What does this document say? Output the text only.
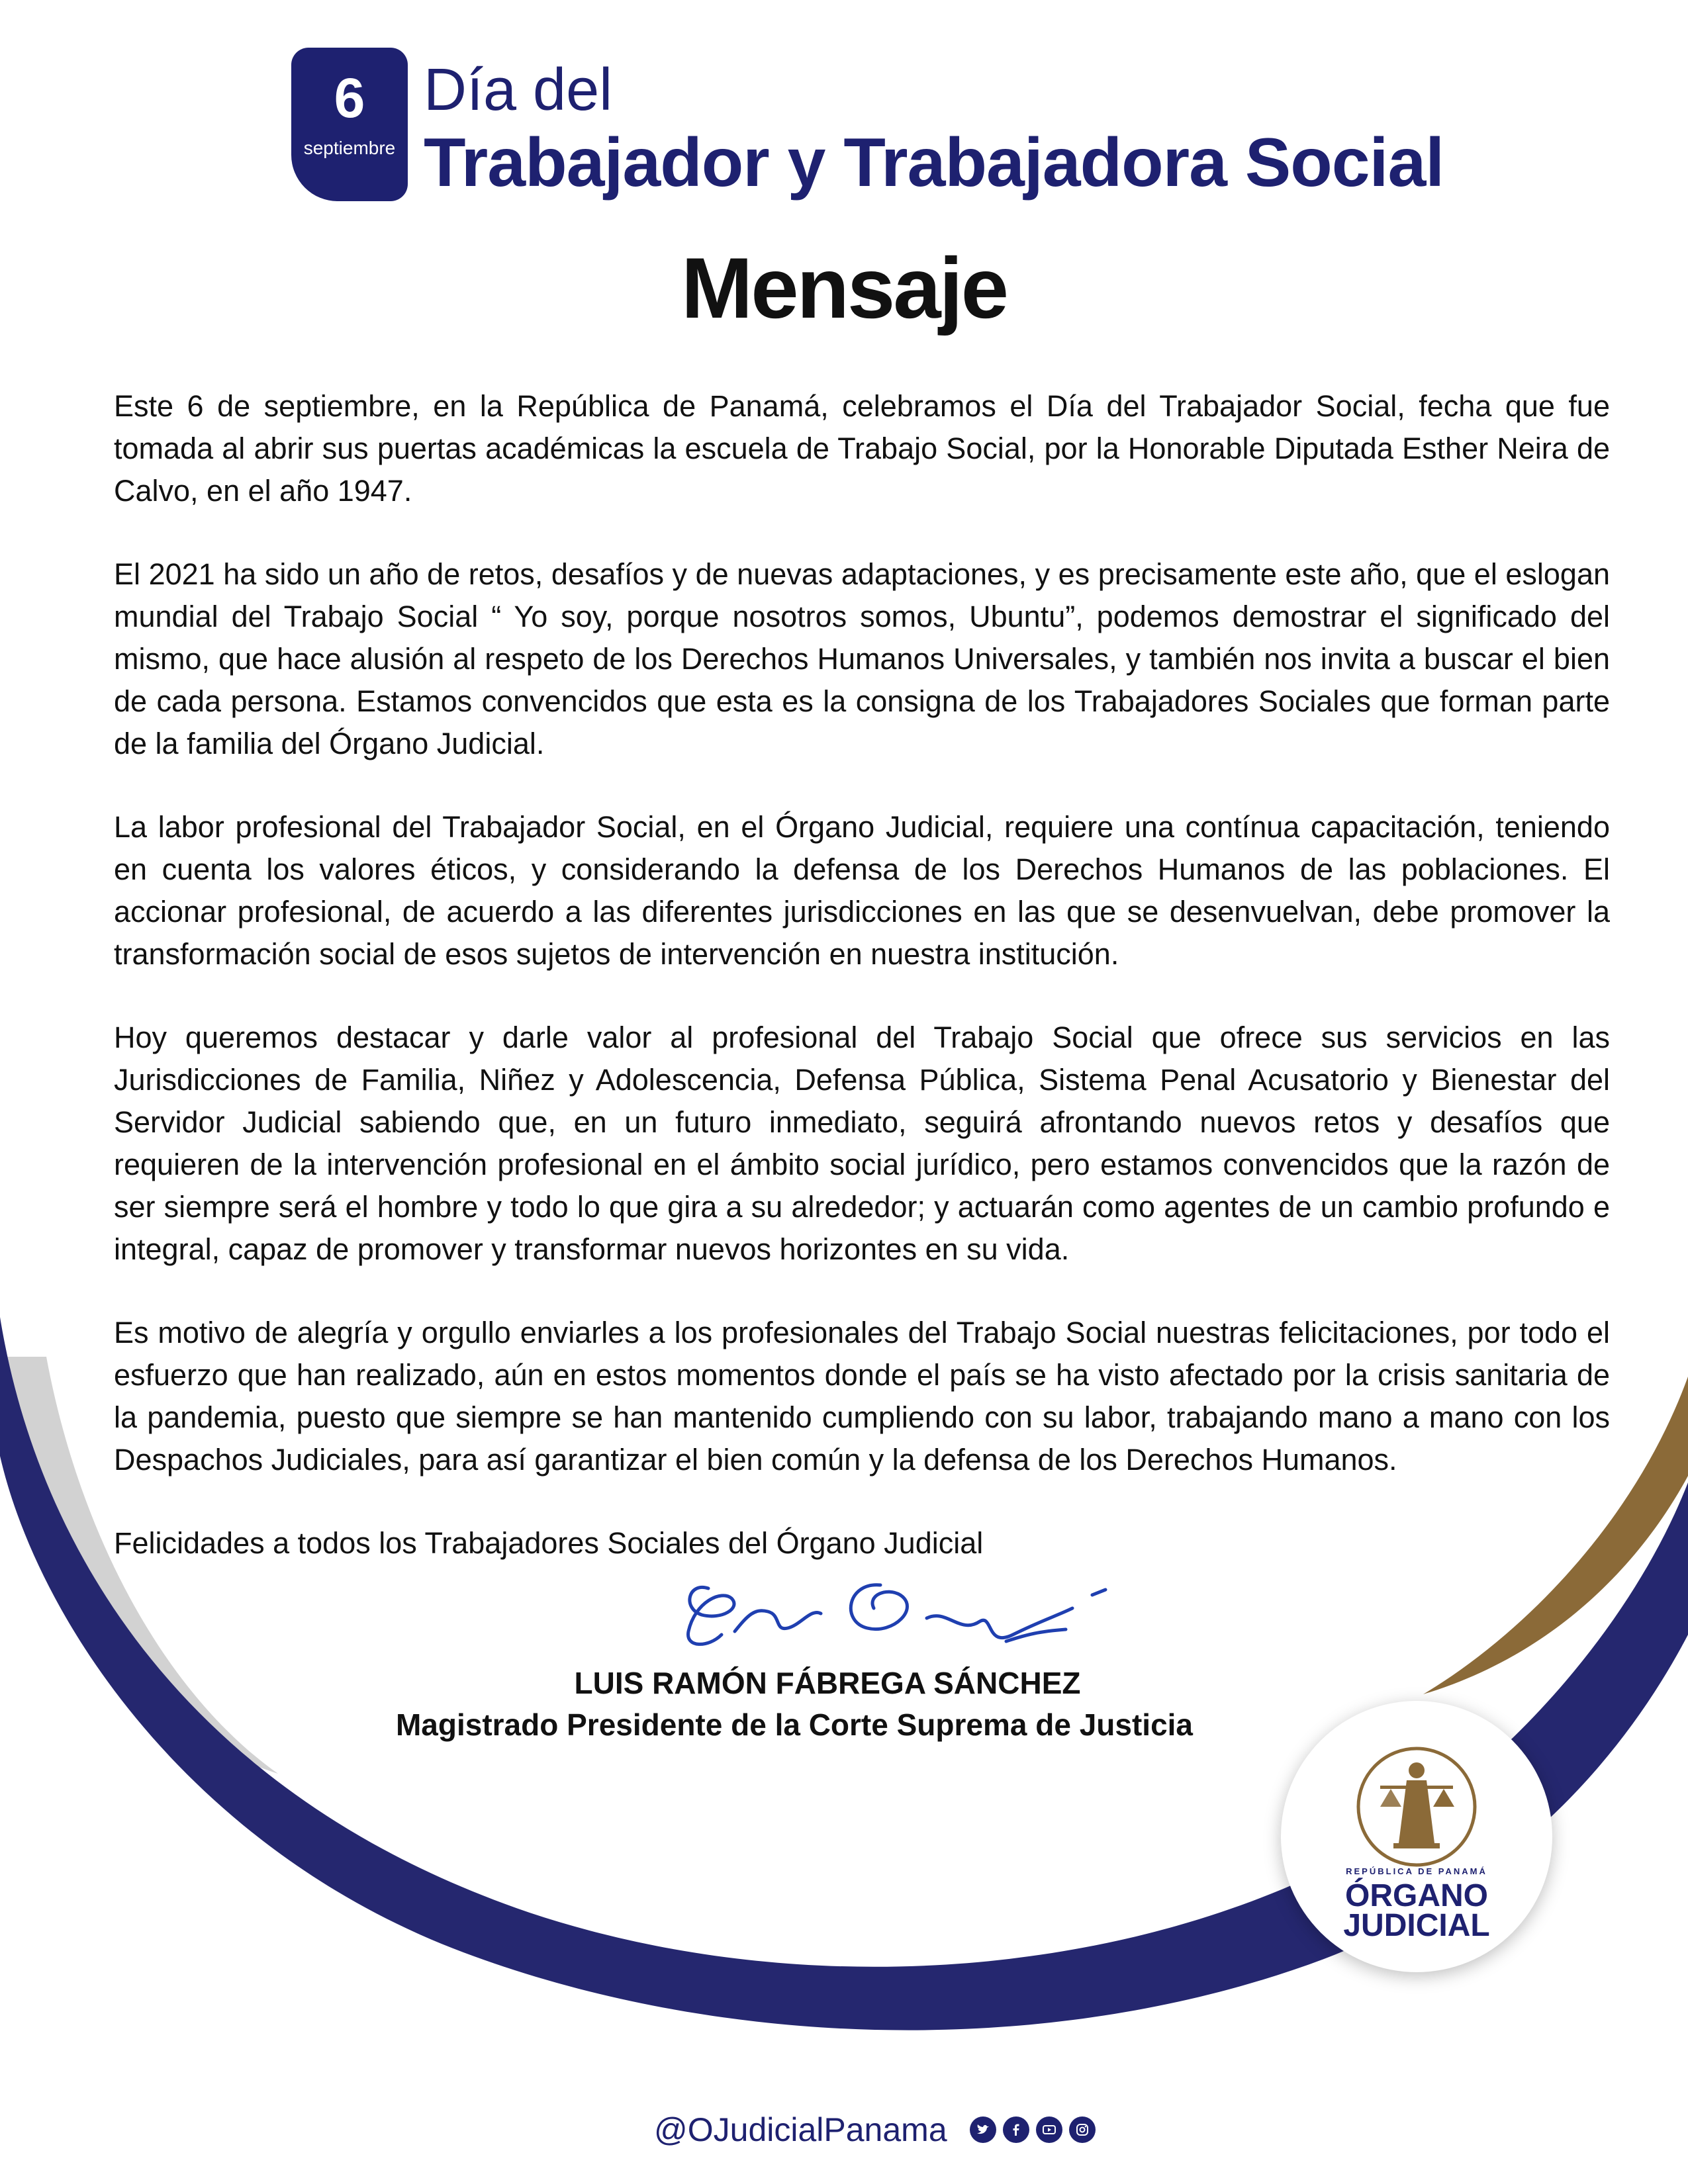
6
septiembre
Día del
Trabajador y Trabajadora Social
Mensaje

Este 6 de septiembre, en la República de Panamá, celebramos el Día del Trabajador Social, fecha que fue tomada al abrir sus puertas académicas la escuela de Trabajo Social, por la Honorable Diputada Esther Neira de Calvo, en el año 1947.

El 2021 ha sido un año de retos, desafíos y de nuevas adaptaciones, y es precisamente este año, que el eslogan mundial del Trabajo Social “ Yo soy, porque nosotros somos, Ubuntu”, podemos demostrar el significado del mismo, que hace alusión al respeto de los Derechos Humanos Universales, y también nos invita a buscar el bien de cada persona. Estamos convencidos que esta es la consigna de los Trabajadores Sociales que forman parte de la familia del Órgano Judicial.

La labor profesional del Trabajador Social, en el Órgano Judicial, requiere una contínua capacitación, teniendo en cuenta los valores éticos, y considerando la defensa de los Derechos Humanos de las poblaciones. El accionar profesional, de acuerdo a las diferentes jurisdicciones en las que se desenvuelvan, debe promover la transformación social de esos sujetos de intervención en nuestra institución.

Hoy queremos destacar y darle valor al profesional del Trabajo Social que ofrece sus servicios en las Jurisdicciones de Familia, Niñez y Adolescencia, Defensa Pública, Sistema Penal Acusatorio y Bienestar del Servidor Judicial sabiendo que, en un futuro inmediato, seguirá afrontando nuevos retos y desafíos que requieren de la intervención profesional en el ámbito social jurídico, pero estamos convencidos que la razón de ser siempre será el hombre y todo lo que gira a su alrededor; y actuarán como agentes de un cambio profundo e integral, capaz de promover y transformar nuevos horizontes en su vida.

Es motivo de alegría y orgullo enviarles a los profesionales del Trabajo Social nuestras felicitaciones, por todo el esfuerzo que han realizado, aún en estos momentos donde el país se ha visto afectado por la crisis sanitaria de la pandemia, puesto que siempre se han mantenido cumpliendo con su labor, trabajando mano a mano con los Despachos Judiciales, para así garantizar el bien común y la defensa de los Derechos Humanos.

Felicidades a todos los Trabajadores Sociales del Órgano Judicial

LUIS RAMÓN FÁBREGA SÁNCHEZ
Magistrado Presidente de la Corte Suprema de Justicia
REPÚBLICA DE PANAMÁ
ÓRGANO
JUDICIAL
@OJudicialPanama
